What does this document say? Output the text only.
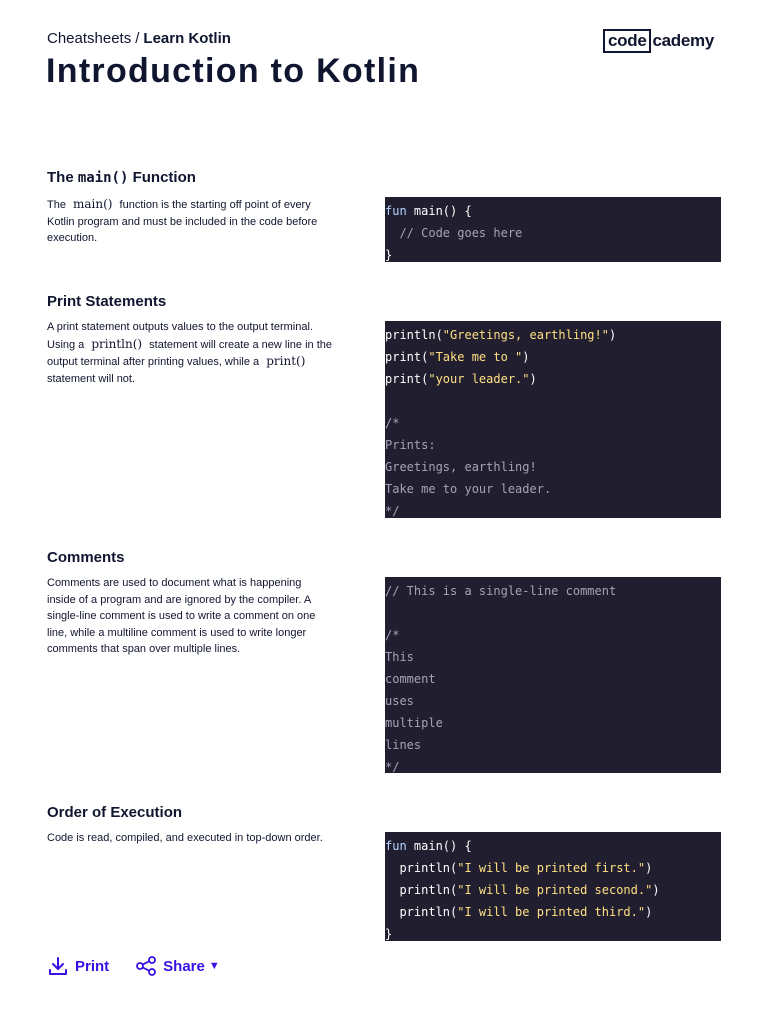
Cheatsheets / Learn Kotlin	code cademy
Introduction to Kotlin
The main() Function
The main() function is the starting off point of every Kotlin program and must be included in the code before execution.
fun main() {
// Code goes here
}
Print Statements
A print statement outputs values to the output terminal.
Using a println() statement will create a new line in the output terminal after printing values, while a print() statement will not.
println("Greetings, earthling!")
print("Take me to ")
print("your leader.")
/*
Prints:
Greetings, earthling!
Take me to your leader.
*/
Comments
Comments are used to document what is happening inside of a program and are ignored by the compiler. A single-line comment is used to write a comment on one line, while a multiline comment is used to write longer comments that span over multiple lines.
// This is a single-line comment
/*
This
comment
uses
multiple
lines
*/
Order of Execution
Code is read, compiled, and executed in top-down order.
fun main() {
println("I will be printed first.")
println("I will be printed second.")
println("I will be printed third.")
}
Print	Share ▼
